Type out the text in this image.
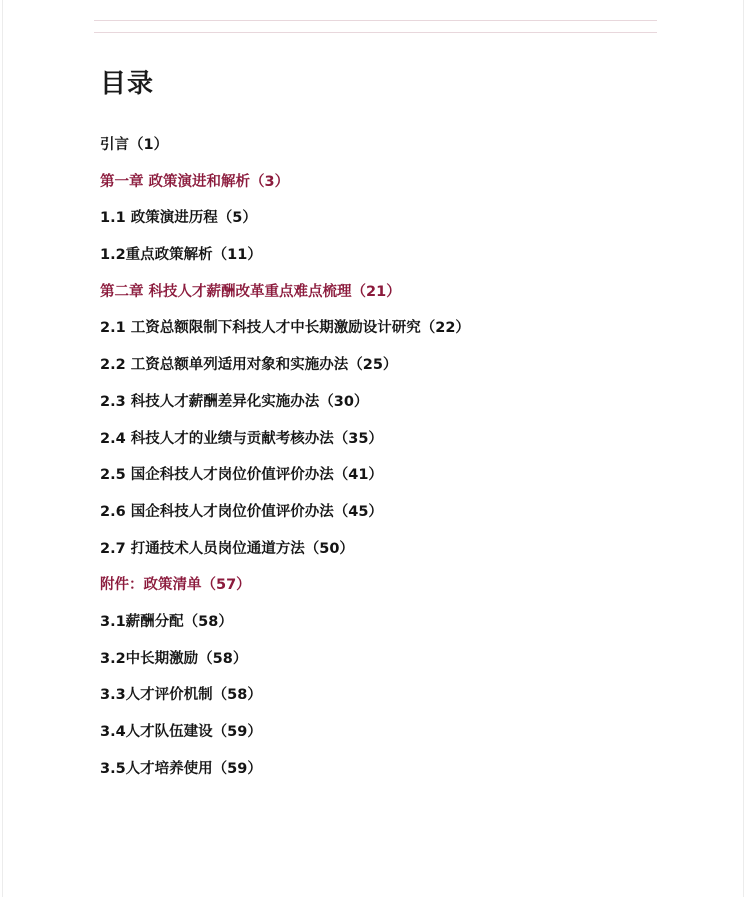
目录
引言（1）
第一章 政策演进和解析（3）
1.1 政策演进历程（5）
1.2重点政策解析（11）
第二章 科技人才薪酬改革重点难点梳理（21）
2.1 工资总额限制下科技人才中长期激励设计研究（22）
2.2 工资总额单列适用对象和实施办法（25）
2.3 科技人才薪酬差异化实施办法（30）
2.4 科技人才的业绩与贡献考核办法（35）
2.5 国企科技人才岗位价值评价办法（41）
2.6 国企科技人才岗位价值评价办法（45）
2.7 打通技术人员岗位通道方法（50）
附件：政策清单（57）
3.1薪酬分配（58）
3.2中长期激励（58）
3.3人才评价机制（58）
3.4人才队伍建设（59）
3.5人才培养使用（59）
